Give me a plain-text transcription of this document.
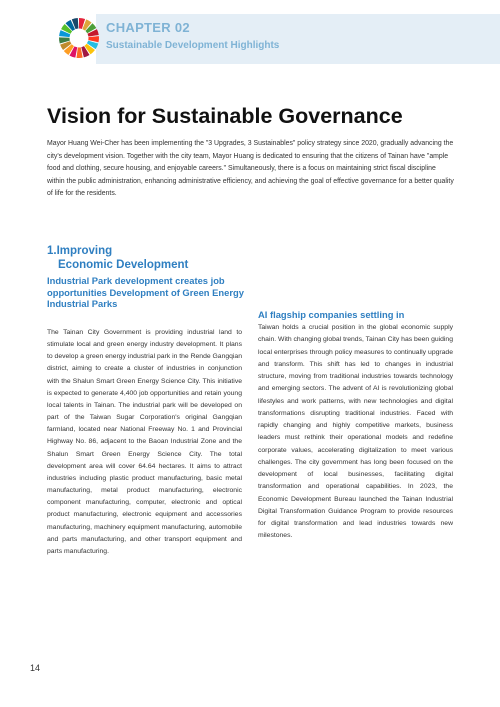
CHAPTER 02
Sustainable Development Highlights
Vision for Sustainable Governance

Mayor Huang Wei-Cher has been implementing the "3 Upgrades, 3 Sustainables" policy strategy since 2020, gradually advancing the city's development vision. Together with the city team, Mayor Huang is dedicated to ensuring that the citizens of Tainan have "ample food and clothing, secure housing, and enjoyable careers." Simultaneously, there is a focus on maintaining strict fiscal discipline within the public administration, enhancing administrative efficiency, and achieving the goal of effective governance for a better quality of life for the residents.

1.Improving
Economic Development
Industrial Park development creates job opportunities Development of Green Energy Industrial Parks

The Tainan City Government is providing industrial land to stimulate local and green energy industry development. It plans to develop a green energy industrial park in the Rende Gangqian district, aiming to create a cluster of industries in conjunction with the Shalun Smart Green Energy Science City. This initiative is expected to generate 4,400 job opportunities and retain young local talents in Tainan. The industrial park will be developed on part of the Taiwan Sugar Corporation's original Gangqian farmland, located near National Freeway No. 1 and Provincial Highway No. 86, adjacent to the Baoan Industrial Zone and the Shalun Smart Green Energy Science City. The total development area will cover 64.64 hectares. It aims to attract industries including plastic product manufacturing, basic metal manufacturing, metal product manufacturing, electronic component manufacturing, computer, electronic and optical product manufacturing, electronic equipment and accessories manufacturing, machinery equipment manufacturing, automobile and parts manufacturing, and other transport equipment and parts manufacturing.

AI flagship companies settling in

Taiwan holds a crucial position in the global economic supply chain. With changing global trends, Tainan City has been guiding local enterprises through policy measures to continually upgrade and transform. This shift has led to changes in industrial structure, moving from traditional industries towards technology and emerging sectors. The advent of AI is revolutionizing global lifestyles and work patterns, with new technologies and digital transformations disrupting traditional industries. Faced with rapidly changing and highly competitive markets, business leaders must rethink their operational models and redefine corporate values, accelerating digitalization to meet various challenges. The city government has long been focused on the development of local businesses, facilitating digital transformation and operational capabilities. In 2023, the Economic Development Bureau launched the Tainan Industrial Digital Transformation Guidance Program to provide resources for digital transformation and lead industries towards new milestones.

14
